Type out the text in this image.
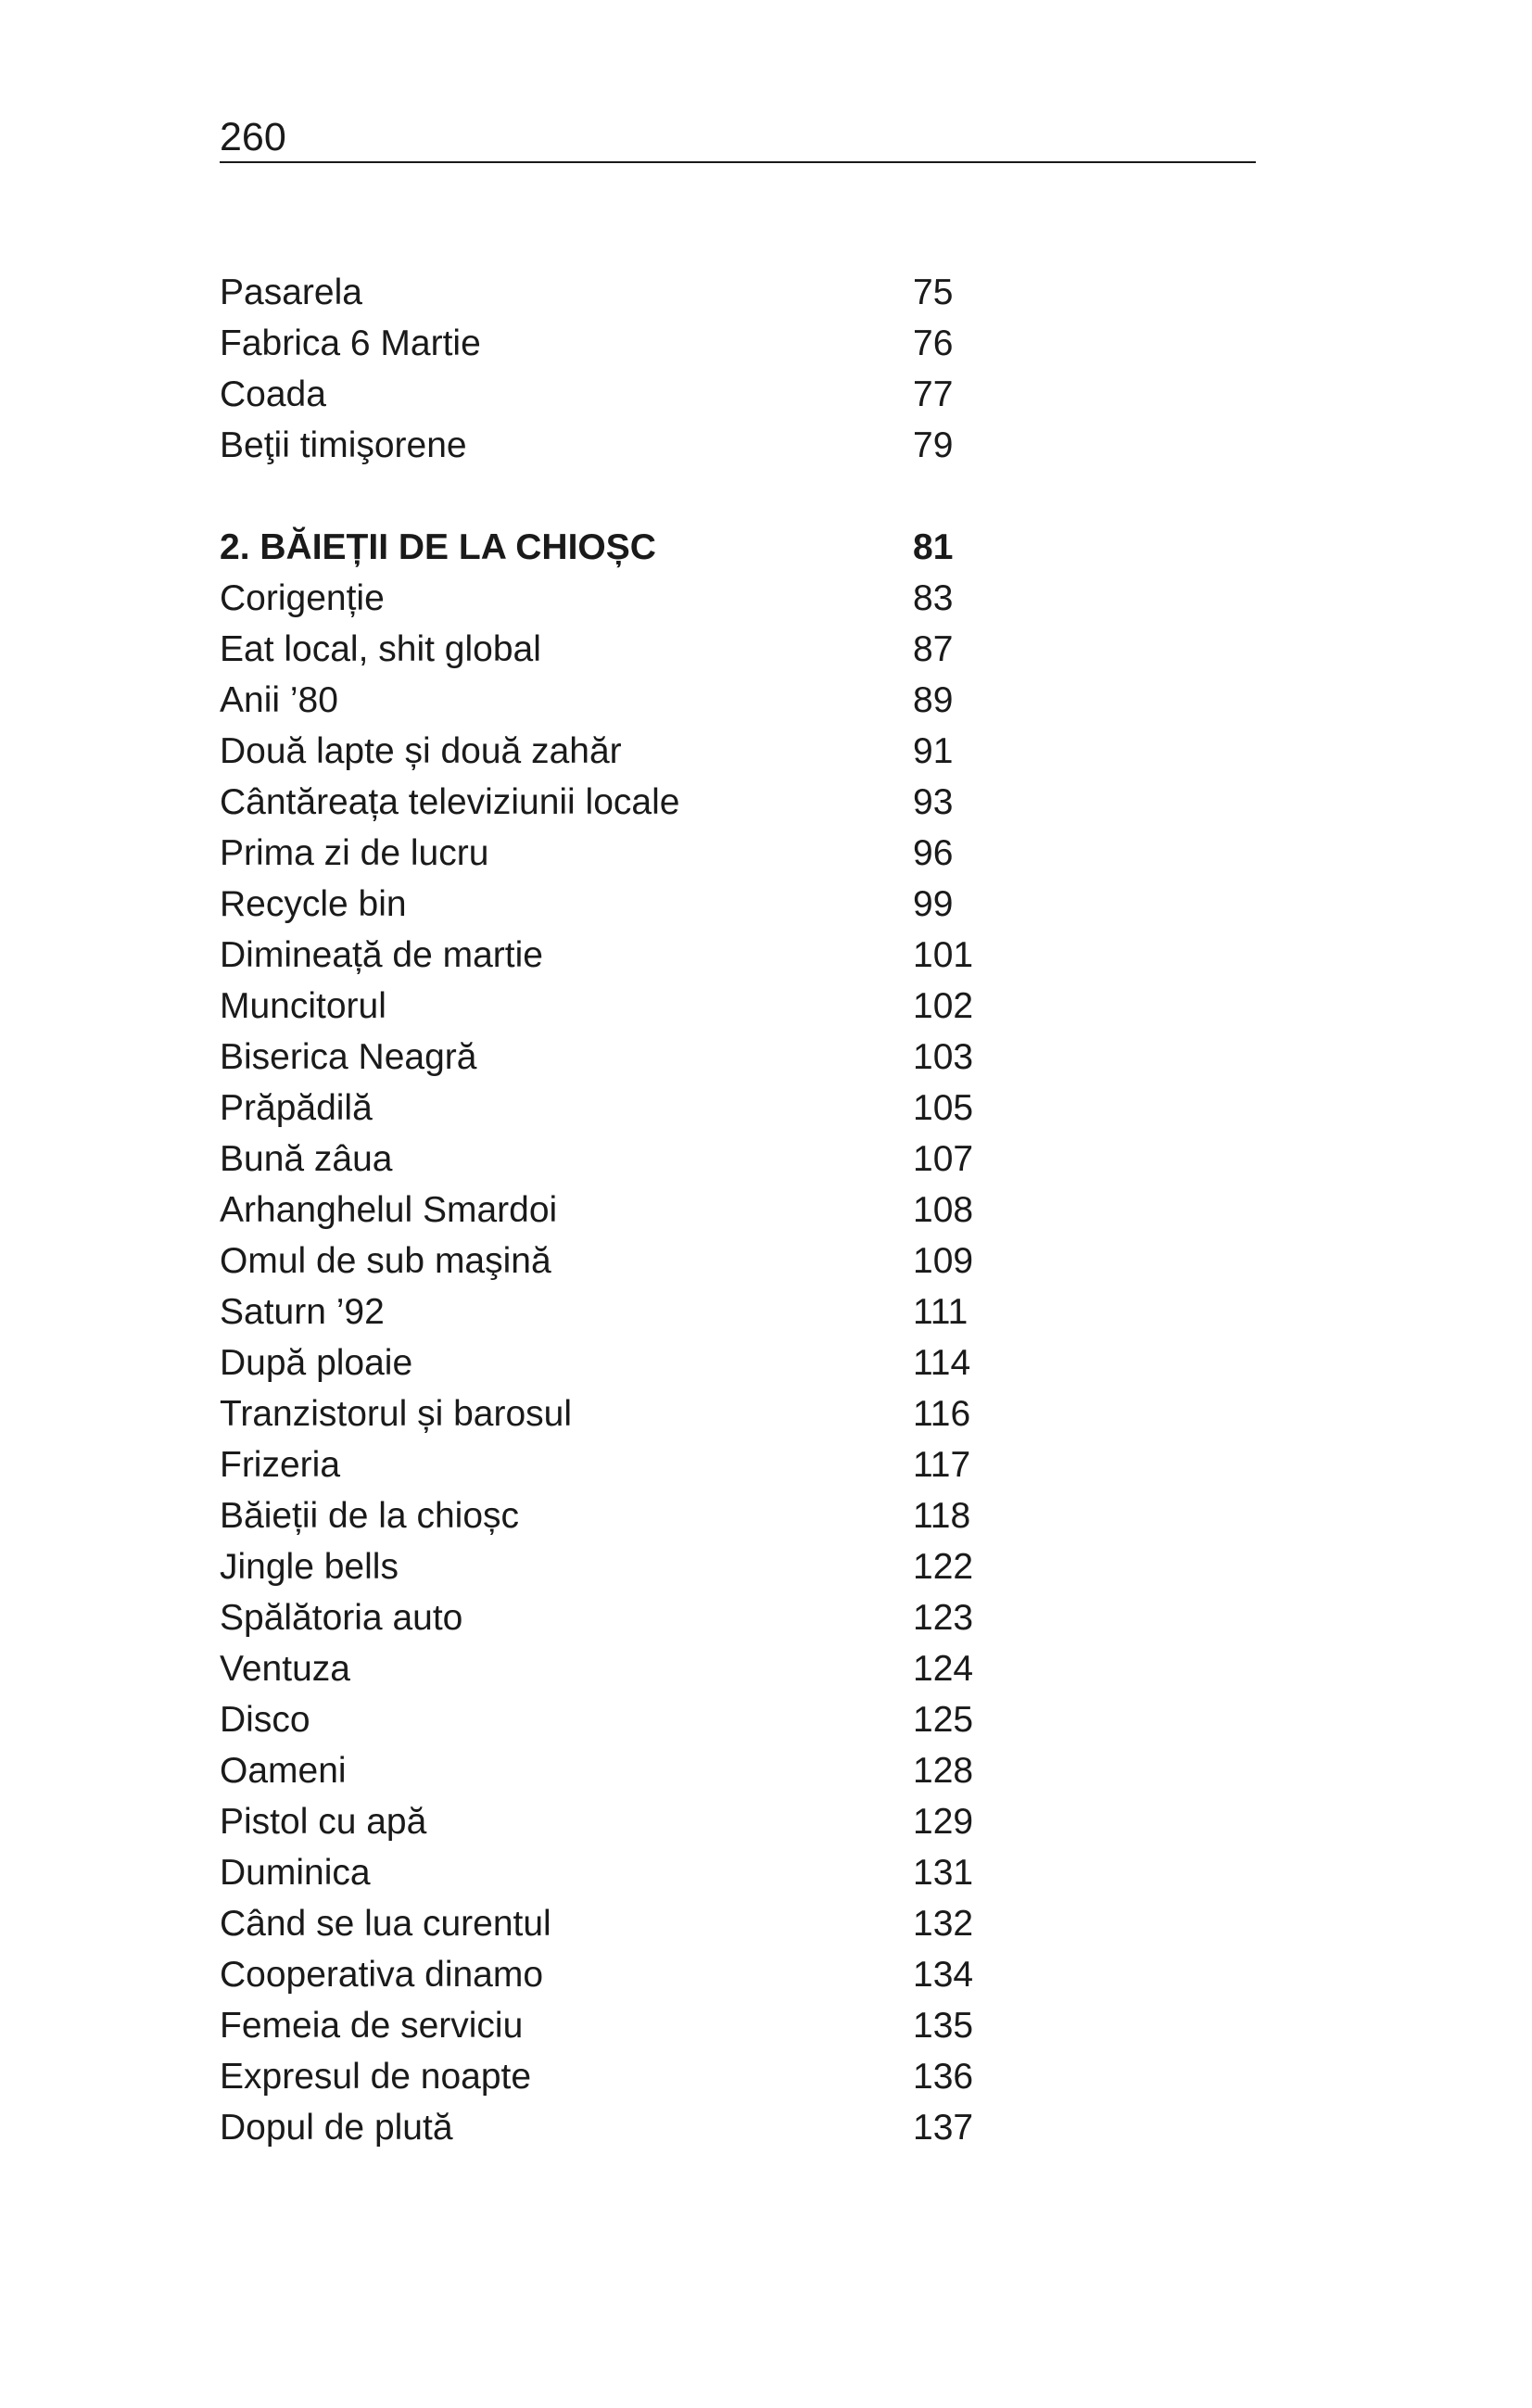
260
Pasarela	75
Fabrica 6 Martie	76
Coada	77
Beţii timişorene	79
2. BĂIEȚII DE LA CHIOȘC	81
Corigenție	83
Eat local, shit global	87
Anii ’80	89
Două lapte și două zahăr	91
Cântăreața televiziunii locale	93
Prima zi de lucru	96
Recycle bin	99
Dimineață de martie	101
Muncitorul	102
Biserica Neagră	103
Prăpădilă	105
Bună zâua	107
Arhanghelul Smardoi	108
Omul de sub maşină	109
Saturn ’92	111
După ploaie	114
Tranzistorul și barosul	116
Frizeria	117
Băieții de la chioșc	118
Jingle bells	122
Spălătoria auto	123
Ventuza	124
Disco	125
Oameni	128
Pistol cu apă	129
Duminica	131
Când se lua curentul	132
Cooperativa dinamo	134
Femeia de serviciu	135
Expresul de noapte	136
Dopul de plută	137
